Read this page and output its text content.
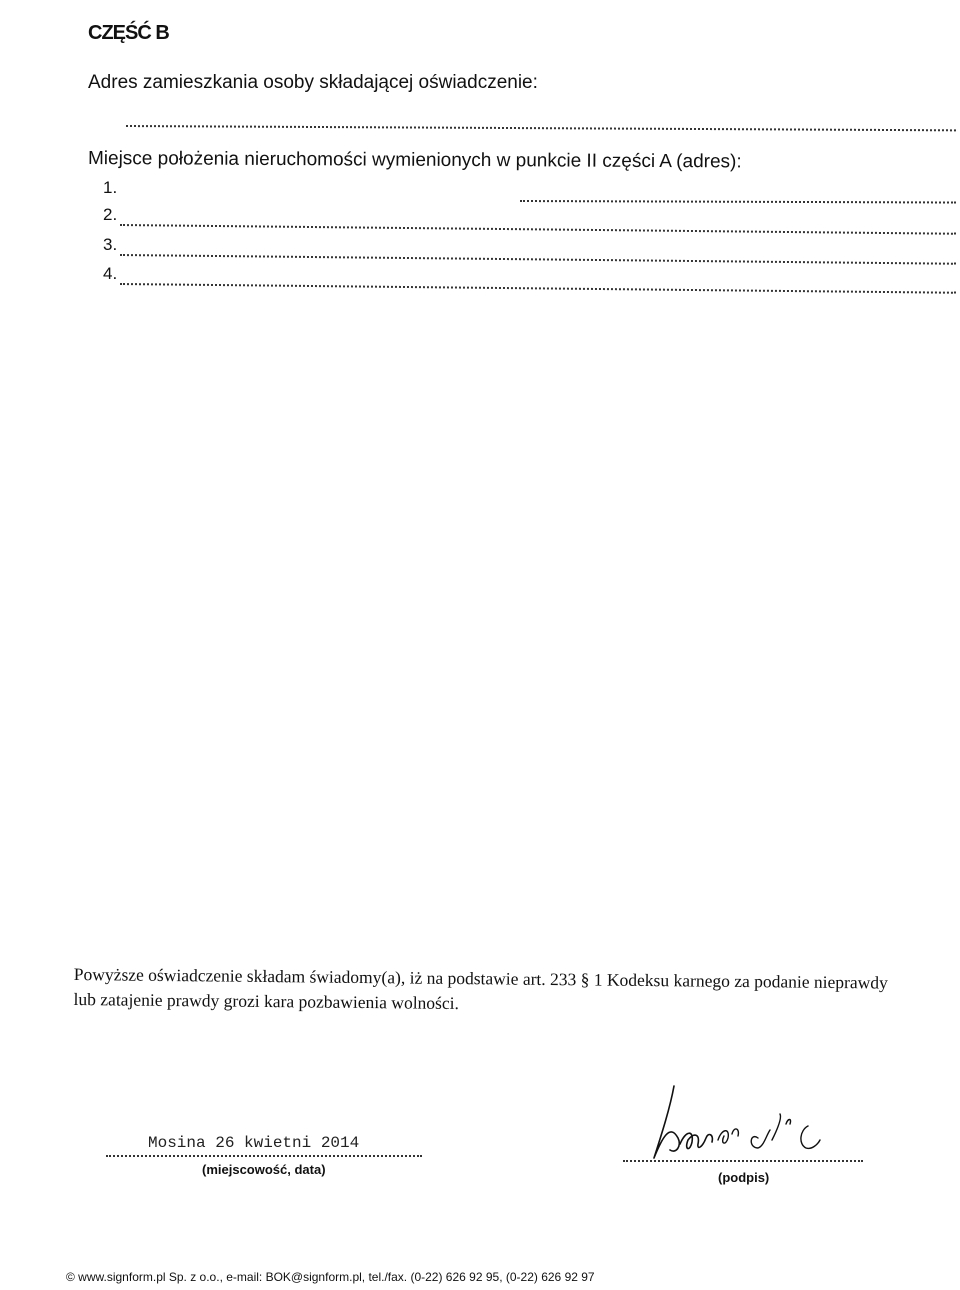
CZĘŚĆ B
Adres zamieszkania osoby składającej oświadczenie:
Miejsce położenia nieruchomości wymienionych w punkcie II części A (adres):
1.
2.
3.
4.
Powyższe oświadczenie składam świadomy(a), iż na podstawie art. 233 § 1 Kodeksu karnego za podanie nieprawdy
lub zatajenie prawdy grozi kara pozbawienia wolności.
Mosina 26 kwietni 2014
(miejscowość, data)
(podpis)
© www.signform.pl Sp. z o.o., e-mail: BOK@signform.pl, tel./fax. (0-22) 626 92 95, (0-22) 626 92 97
